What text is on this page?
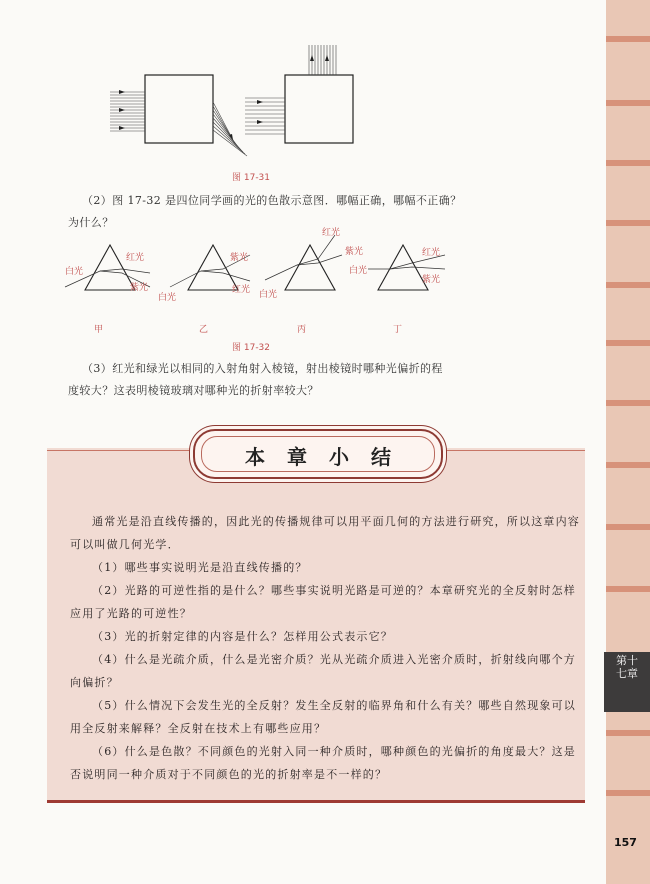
第十
七章
图 17-31

（2）图 17-32 是四位同学画的光的色散示意图．哪幅正确，哪幅不正确？
为什么？

白光
红光
紫光
白光
紫光
红光 白光
红光
紫光
白光
红光
紫光
甲	乙	丙	丁
图 17-32

（3）红光和绿光以相同的入射角射入棱镜，射出棱镜时哪种光偏折的程
度较大？这表明棱镜玻璃对哪种光的折射率较大？

本章小结

通常光是沿直线传播的，因此光的传播规律可以用平面几何的方法进行研究，所以这章内容可以叫做几何光学．

（1）哪些事实说明光是沿直线传播的？

（2）光路的可逆性指的是什么？哪些事实说明光路是可逆的？本章研究光的全反射时怎样应用了光路的可逆性？

（3）光的折射定律的内容是什么？怎样用公式表示它？

（4）什么是光疏介质，什么是光密介质？光从光疏介质进入光密介质时，折射线向哪个方向偏折？

（5）什么情况下会发生光的全反射？发生全反射的临界角和什么有关？哪些自然现象可以用全反射来解释？全反射在技术上有哪些应用？

（6）什么是色散？不同颜色的光射入同一种介质时，哪种颜色的光偏折的角度最大？这是否说明同一种介质对于不同颜色的光的折射率是不一样的？

157
